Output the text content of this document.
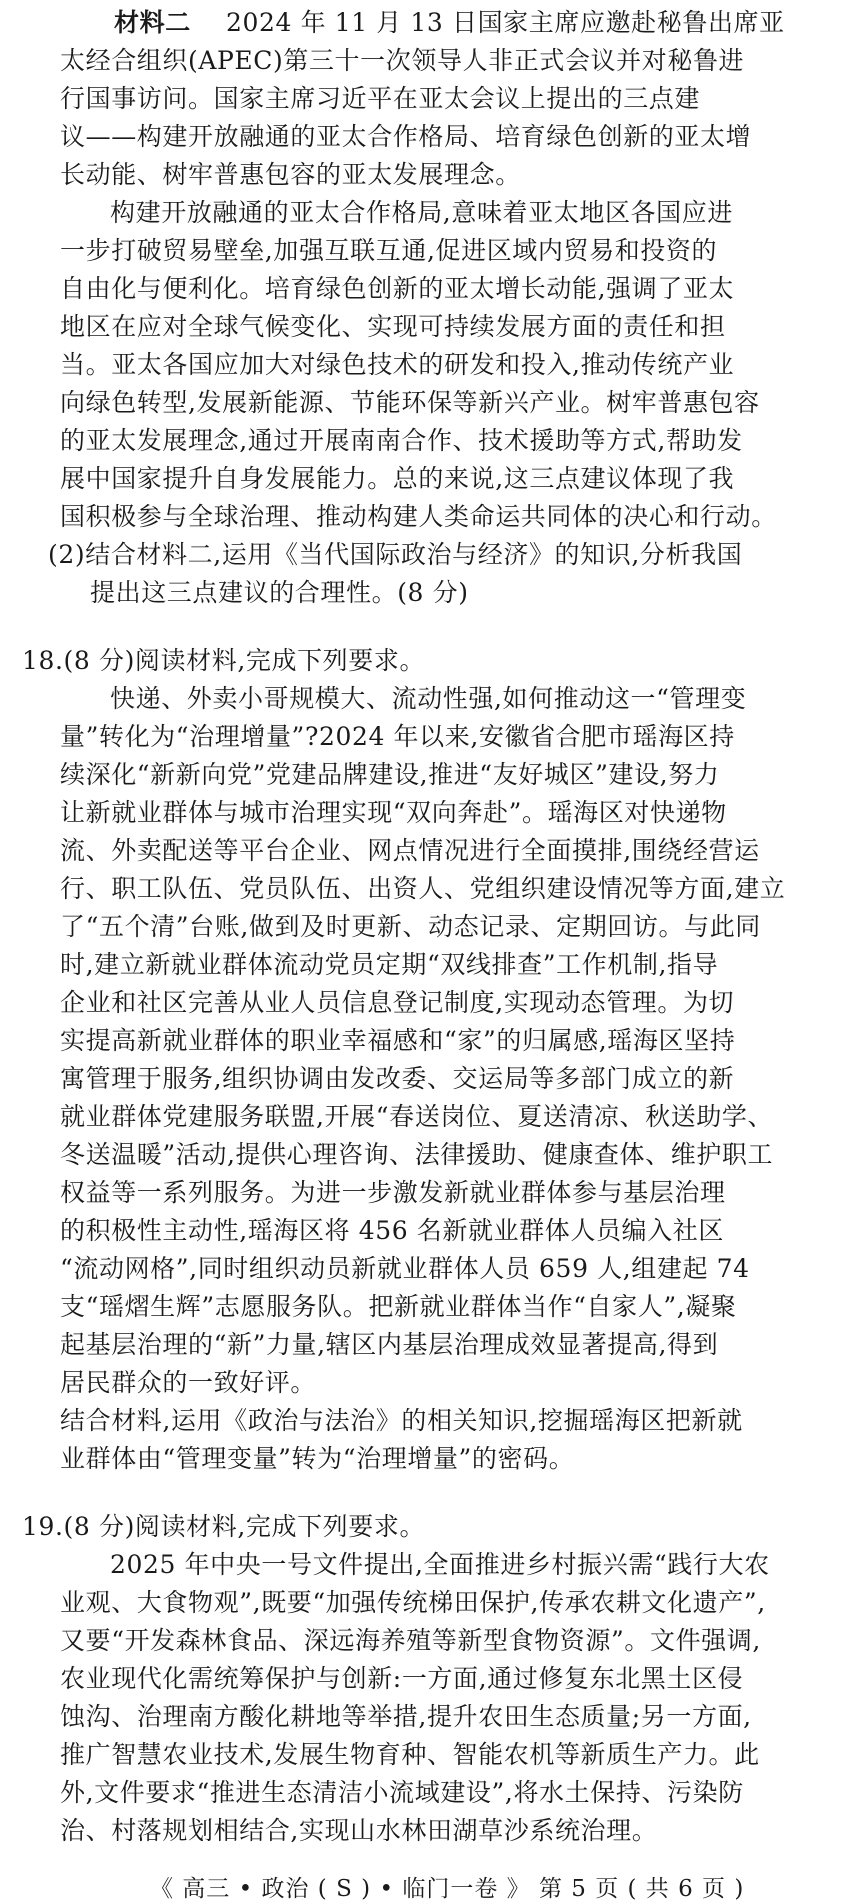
材料二 2024 年 11 月 13 日国家主席应邀赴秘鲁出席亚
太经合组织(APEC)第三十一次领导人非正式会议并对秘鲁进
行国事访问。国家主席习近平在亚太会议上提出的三点建
议——构建开放融通的亚太合作格局、培育绿色创新的亚太增
长动能、树牢普惠包容的亚太发展理念。
构建开放融通的亚太合作格局,意味着亚太地区各国应进
一步打破贸易壁垒,加强互联互通,促进区域内贸易和投资的
自由化与便利化。培育绿色创新的亚太增长动能,强调了亚太
地区在应对全球气候变化、实现可持续发展方面的责任和担
当。亚太各国应加大对绿色技术的研发和投入,推动传统产业
向绿色转型,发展新能源、节能环保等新兴产业。树牢普惠包容
的亚太发展理念,通过开展南南合作、技术援助等方式,帮助发
展中国家提升自身发展能力。总的来说,这三点建议体现了我
国积极参与全球治理、推动构建人类命运共同体的决心和行动。
(2)结合材料二,运用《当代国际政治与经济》的知识,分析我国
提出这三点建议的合理性。(8 分)
18.(8 分)阅读材料,完成下列要求。
快递、外卖小哥规模大、流动性强,如何推动这一“管理变
量”转化为“治理增量”?2024 年以来,安徽省合肥市瑶海区持
续深化“新新向党”党建品牌建设,推进“友好城区”建设,努力
让新就业群体与城市治理实现“双向奔赴”。瑶海区对快递物
流、外卖配送等平台企业、网点情况进行全面摸排,围绕经营运
行、职工队伍、党员队伍、出资人、党组织建设情况等方面,建立
了“五个清”台账,做到及时更新、动态记录、定期回访。与此同
时,建立新就业群体流动党员定期“双线排查”工作机制,指导
企业和社区完善从业人员信息登记制度,实现动态管理。为切
实提高新就业群体的职业幸福感和“家”的归属感,瑶海区坚持
寓管理于服务,组织协调由发改委、交运局等多部门成立的新
就业群体党建服务联盟,开展“春送岗位、夏送清凉、秋送助学、
冬送温暖”活动,提供心理咨询、法律援助、健康查体、维护职工
权益等一系列服务。为进一步激发新就业群体参与基层治理
的积极性主动性,瑶海区将 456 名新就业群体人员编入社区
“流动网格”,同时组织动员新就业群体人员 659 人,组建起 74
支“瑶熠生辉”志愿服务队。把新就业群体当作“自家人”,凝聚
起基层治理的“新”力量,辖区内基层治理成效显著提高,得到
居民群众的一致好评。
结合材料,运用《政治与法治》的相关知识,挖掘瑶海区把新就
业群体由“管理变量”转为“治理增量”的密码。
19.(8 分)阅读材料,完成下列要求。
2025 年中央一号文件提出,全面推进乡村振兴需“践行大农
业观、大食物观”,既要“加强传统梯田保护,传承农耕文化遗产”,
又要“开发森林食品、深远海养殖等新型食物资源”。文件强调,
农业现代化需统筹保护与创新:一方面,通过修复东北黑土区侵
蚀沟、治理南方酸化耕地等举措,提升农田生态质量;另一方面,
推广智慧农业技术,发展生物育种、智能农机等新质生产力。此
外,文件要求“推进生态清洁小流域建设”,将水土保持、污染防
治、村落规划相结合,实现山水林田湖草沙系统治理。
《 高三 • 政治 ( S ) • 临门一卷 》 第 5 页 ( 共 6 页 )
